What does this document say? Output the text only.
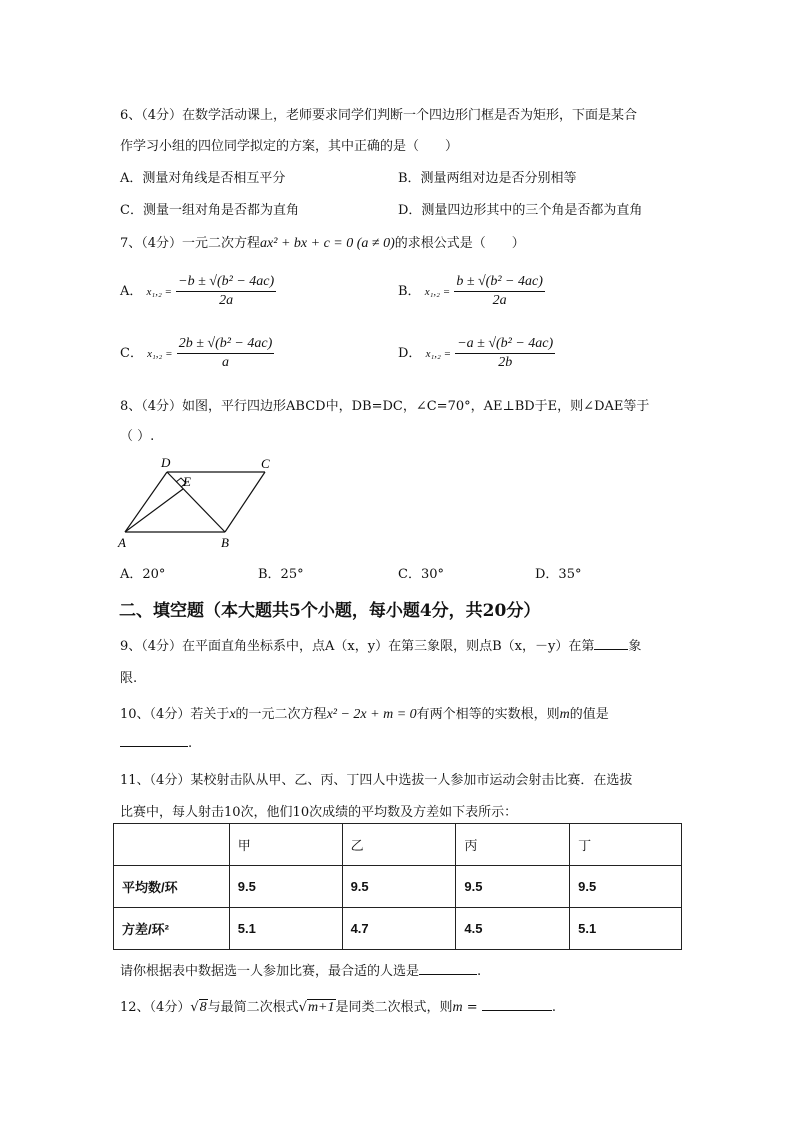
6、（4分）在数学活动课上，老师要求同学们判断一个四边形门框是否为矩形，下面是某合
作学习小组的四位同学拟定的方案，其中正确的是（　　）
A．测量对角线是否相互平分	B．测量两组对边是否分别相等
C．测量一组对角是否都为直角	D．测量四边形其中的三个角是否都为直角
7、（4分）一元二次方程ax² + bx + c = 0 (a ≠ 0)的求根公式是（　　）
A． $x_1,_2 = \frac{\text{−b ± √(b² − 4ac)}}{2a}$	B． $x_1,_2 = \frac{\text{b ± √(b² − 4ac)}}{2a}$
C． $x_1,_2 = \frac{\text{2b ± √(b² − 4ac)}}{a}$	D． $x_1,_2 = \frac{\text{−a ± √(b² − 4ac)}}{2b}$
8、（4分）如图，平行四边形ABCD中，DB=DC，∠C=70°，AE⊥BD于E，则∠DAE等于
（ ）.
A	B
C
D
E
A．20°	B．25°	C．30°	D．35°
二、填空题（本大题共5个小题，每小题4分，共20分）
9、（4分）在平面直角坐标系中，点A（x，y）在第三象限，则点B（x，－y）在第	象
限.
10、（4分）若关于x的一元二次方程x² − 2x + m = 0有两个相等的实数根，则m的值是
.
11、（4分）某校射击队从甲、乙、丙、丁四人中选拔一人参加市运动会射击比赛．在选拔
比赛中，每人射击10次，他们10次成绩的平均数及方差如下表所示：
	甲	乙	丙	丁
平均数/环	9.5	9.5	9.5	9.5
方差/环²	5.1	4.7	4.5	5.1
请你根据表中数据选一人参加比赛，最合适的人选是	.
12、（4分）√8与最简二次根式√m+1是同类二次根式，则m =	.
